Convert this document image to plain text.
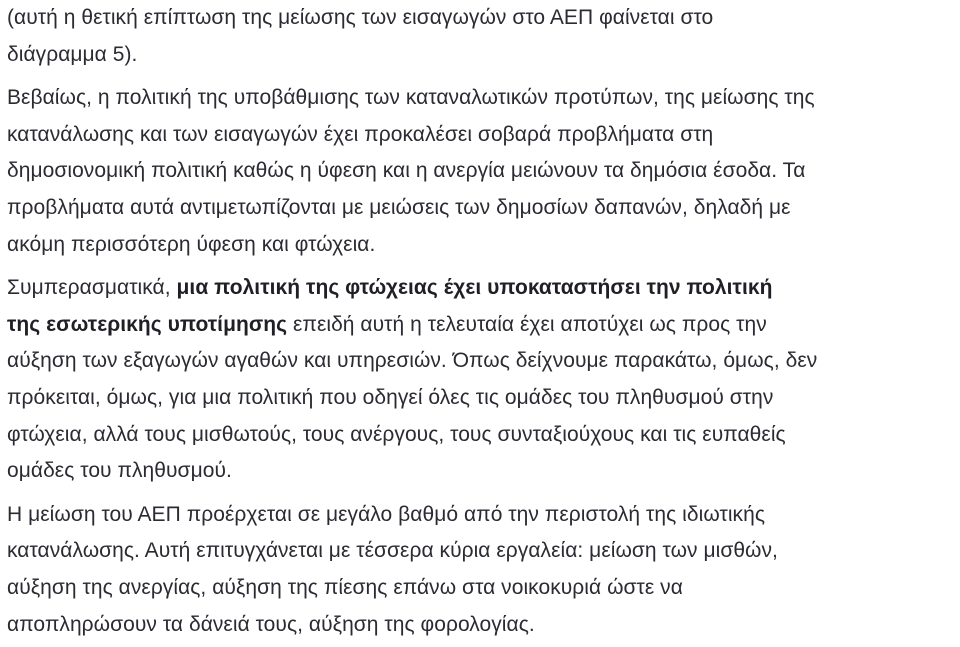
(αυτή η θετική επίπτωση της μείωσης των εισαγωγών στο ΑΕΠ φαίνεται στο
διάγραμμα 5).
Βεβαίως, η πολιτική της υποβάθμισης των καταναλωτικών προτύπων, της μείωσης της
κατανάλωσης και των εισαγωγών έχει προκαλέσει σοβαρά προβλήματα στη
δημοσιονομική πολιτική καθώς η ύφεση και η ανεργία μειώνουν τα δημόσια έσοδα. Τα
προβλήματα αυτά αντιμετωπίζονται με μειώσεις των δημοσίων δαπανών, δηλαδή με
ακόμη περισσότερη ύφεση και φτώχεια.
Συμπερασματικά, μια πολιτική της φτώχειας έχει υποκαταστήσει την πολιτική
της εσωτερικής υποτίμησης επειδή αυτή η τελευταία έχει αποτύχει ως προς την
αύξηση των εξαγωγών αγαθών και υπηρεσιών. Όπως δείχνουμε παρακάτω, όμως, δεν
πρόκειται, όμως, για μια πολιτική που οδηγεί όλες τις ομάδες του πληθυσμού στην
φτώχεια, αλλά τους μισθωτούς, τους ανέργους, τους συνταξιούχους και τις ευπαθείς
ομάδες του πληθυσμού.
Η μείωση του ΑΕΠ προέρχεται σε μεγάλο βαθμό από την περιστολή της ιδιωτικής
κατανάλωσης. Αυτή επιτυγχάνεται με τέσσερα κύρια εργαλεία: μείωση των μισθών,
αύξηση της ανεργίας, αύξηση της πίεσης επάνω στα νοικοκυριά ώστε να
αποπληρώσουν τα δάνειά τους, αύξηση της φορολογίας.
